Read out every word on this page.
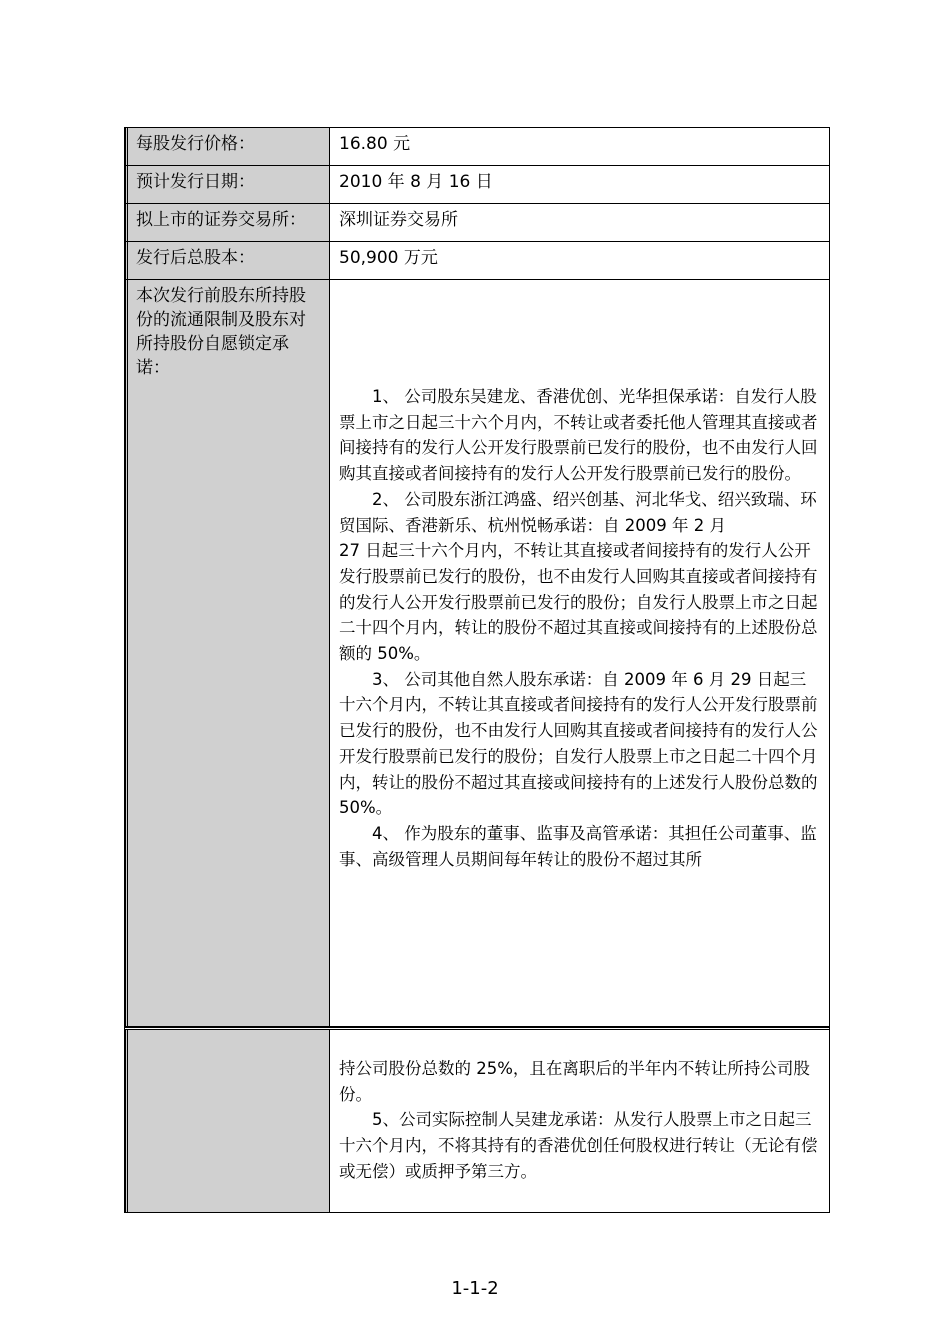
每股发行价格：	16.80 元
预计发行日期：	2010 年 8 月 16 日
拟上市的证券交易所：	深圳证券交易所
发行后总股本：	50,900 万元
本次发行前股东所持股份的流通限制及股东对所持股份自愿锁定承诺：
　　1、 公司股东吴建龙、香港优创、光华担保承诺：自发行人股票上市之日起三十六个月内，不转让或者委托他人管理其直接或者间接持有的发行人公开发行股票前已发行的股份，也不由发行人回购其直接或者间接持有的发行人公开发行股票前已发行的股份。
　　2、 公司股东浙江鸿盛、绍兴创基、河北华戈、绍兴致瑞、环贸国际、香港新乐、杭州悦畅承诺：自 2009 年 2 月
27 日起三十六个月内，不转让其直接或者间接持有的发行人公开发行股票前已发行的股份，也不由发行人回购其直接或者间接持有的发行人公开发行股票前已发行的股份；自发行人股票上市之日起二十四个月内，转让的股份不超过其直接或间接持有的上述股份总额的 50%。
　　3、 公司其他自然人股东承诺：自 2009 年 6 月 29 日起三十六个月内，不转让其直接或者间接持有的发行人公开发行股票前已发行的股份，也不由发行人回购其直接或者间接持有的发行人公开发行股票前已发行的股份；自发行人股票上市之日起二十四个月内，转让的股份不超过其直接或间接持有的上述发行人股份总数的 50%。
　　4、 作为股东的董事、监事及高管承诺：其担任公司董事、监事、高级管理人员期间每年转让的股份不超过其所
持公司股份总数的 25%，且在离职后的半年内不转让所持公司股份。
　　5、公司实际控制人吴建龙承诺：从发行人股票上市之日起三十六个月内，不将其持有的香港优创任何股权进行转让（无论有偿或无偿）或质押予第三方。
1-1-2
